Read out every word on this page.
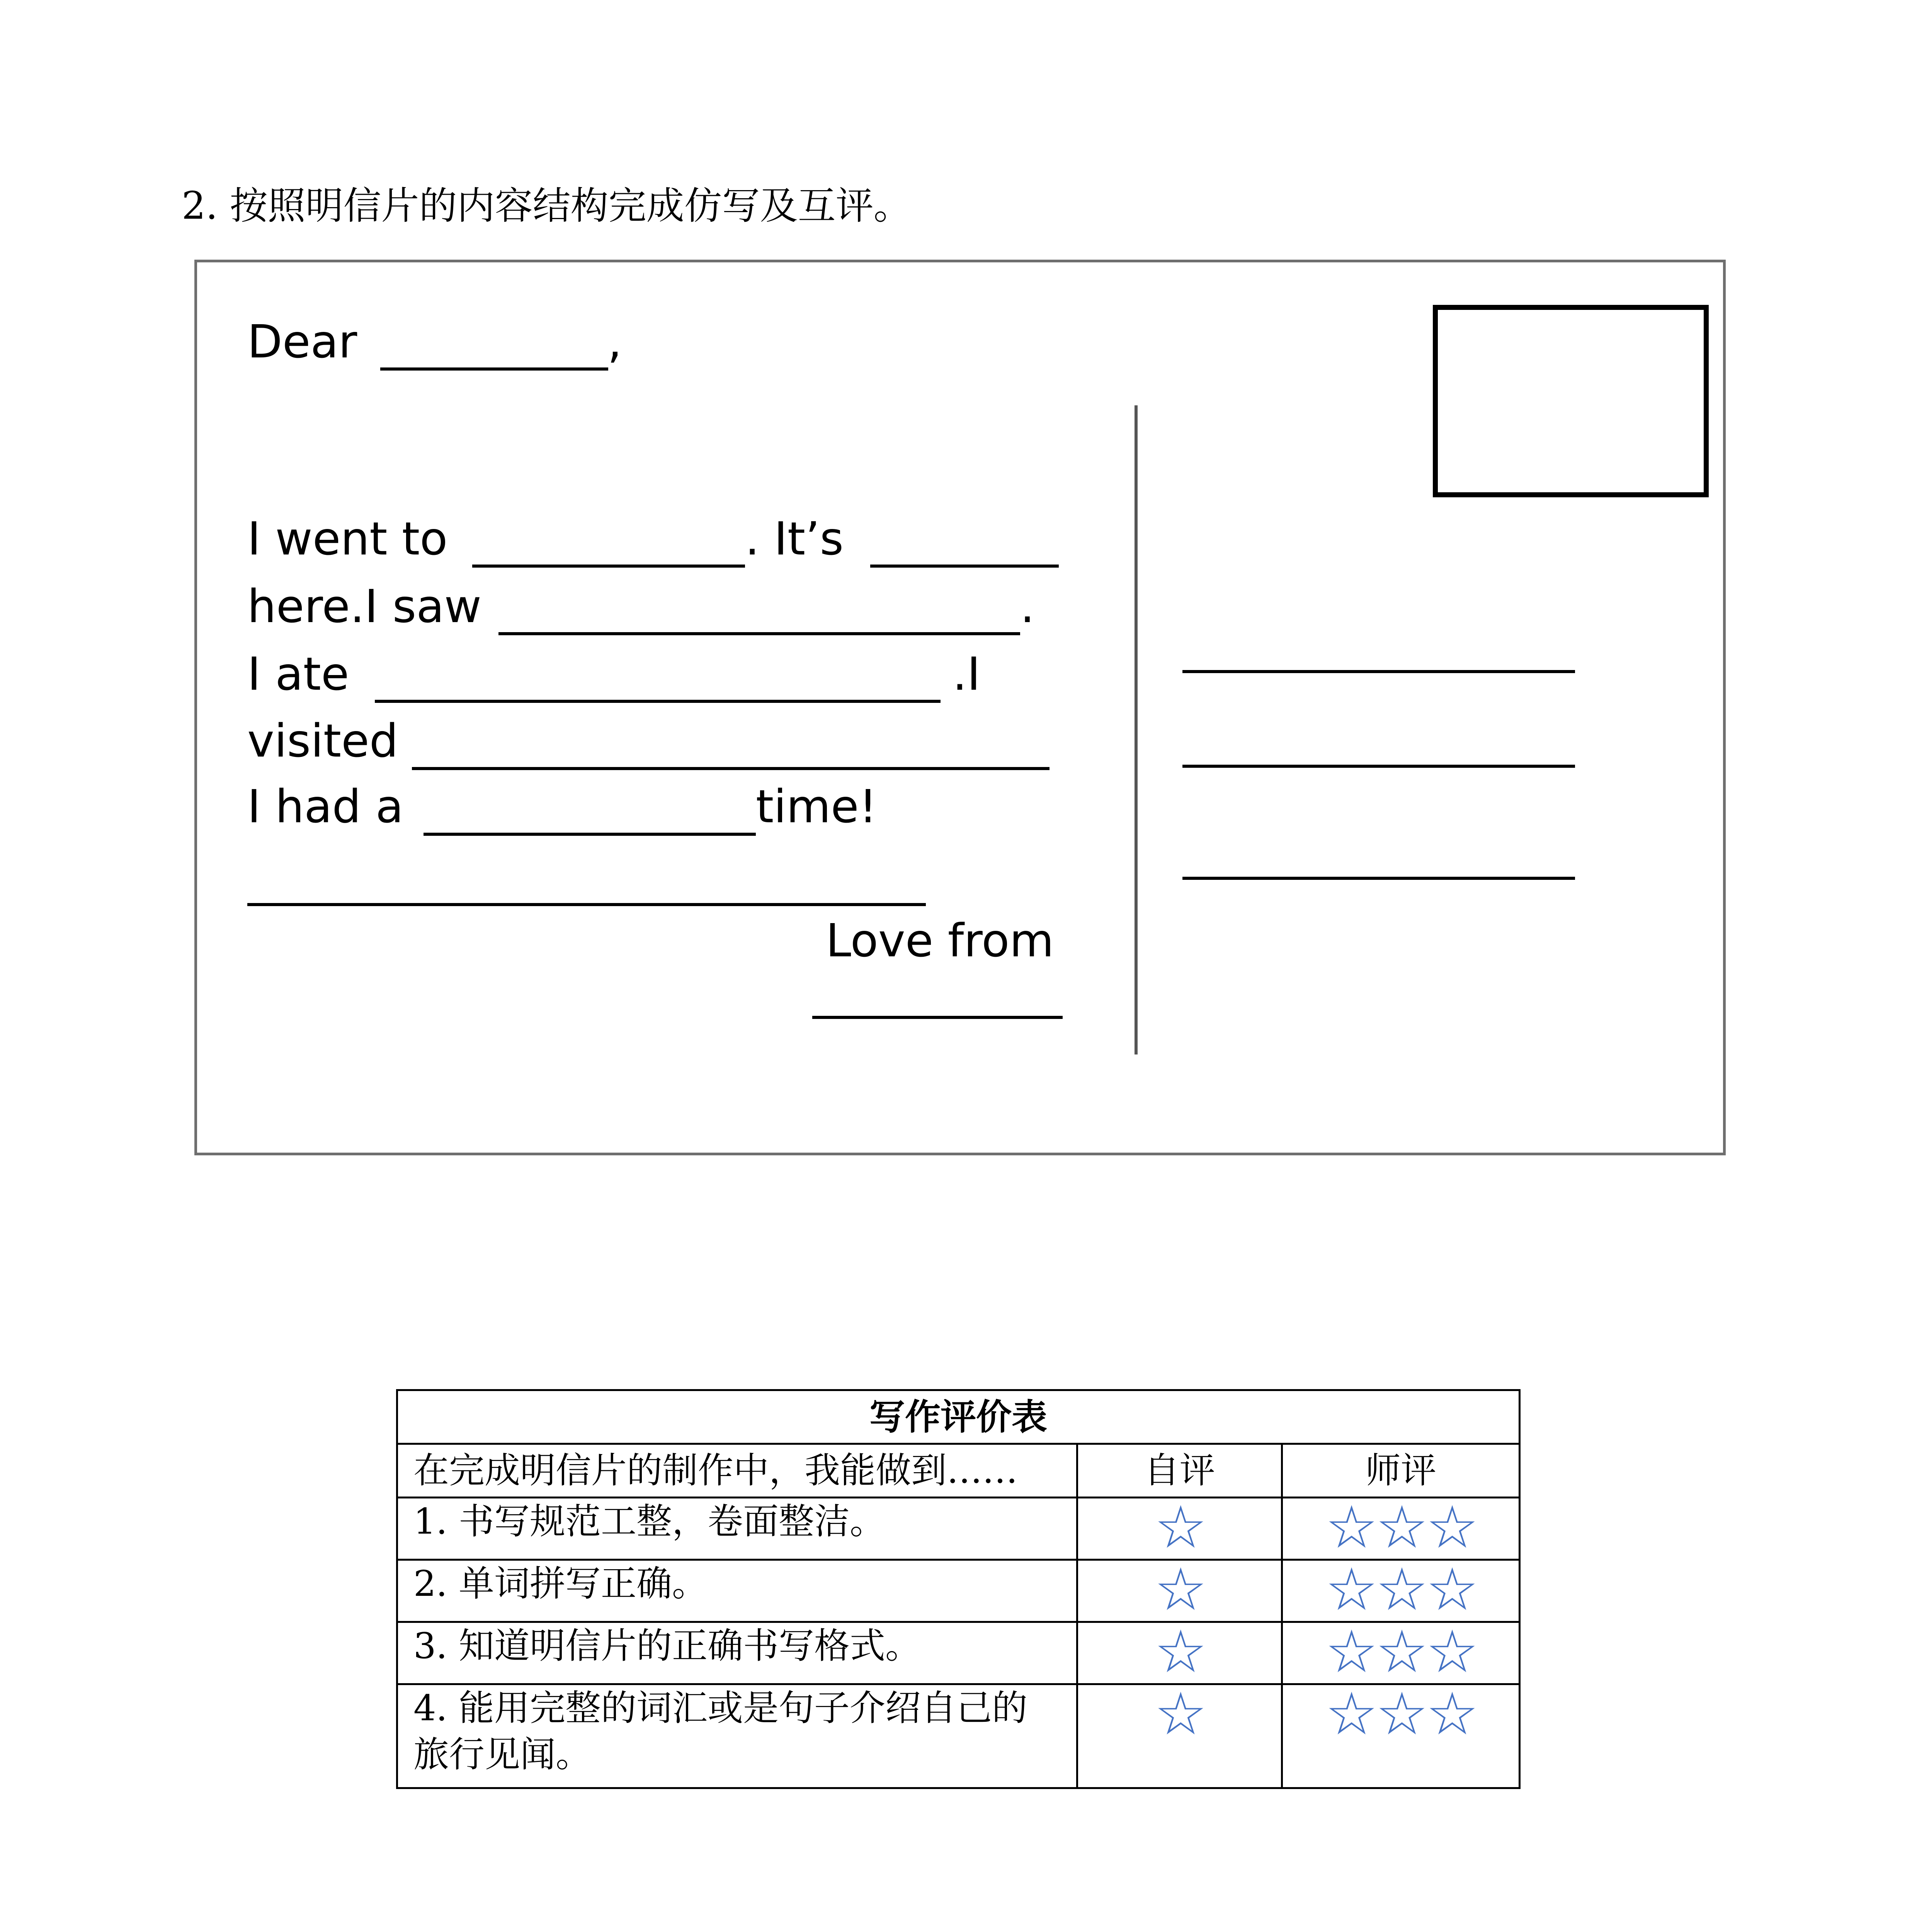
2. 按照明信片的内容结构完成仿写及互评。
Dear	,
I went to	. It’s
here.I saw	.
I ate	.I
visited
I had a	time!
Love from
写作评价表		
在完成明信片的制作中，我能做到……	自评	师评
1. 书写规范工整，卷面整洁。	☆	☆☆☆
2. 单词拼写正确。	☆	☆☆☆
3. 知道明信片的正确书写格式。	☆	☆☆☆
4. 能用完整的词汇或是句子介绍自己的旅行见闻。	☆	☆☆☆
